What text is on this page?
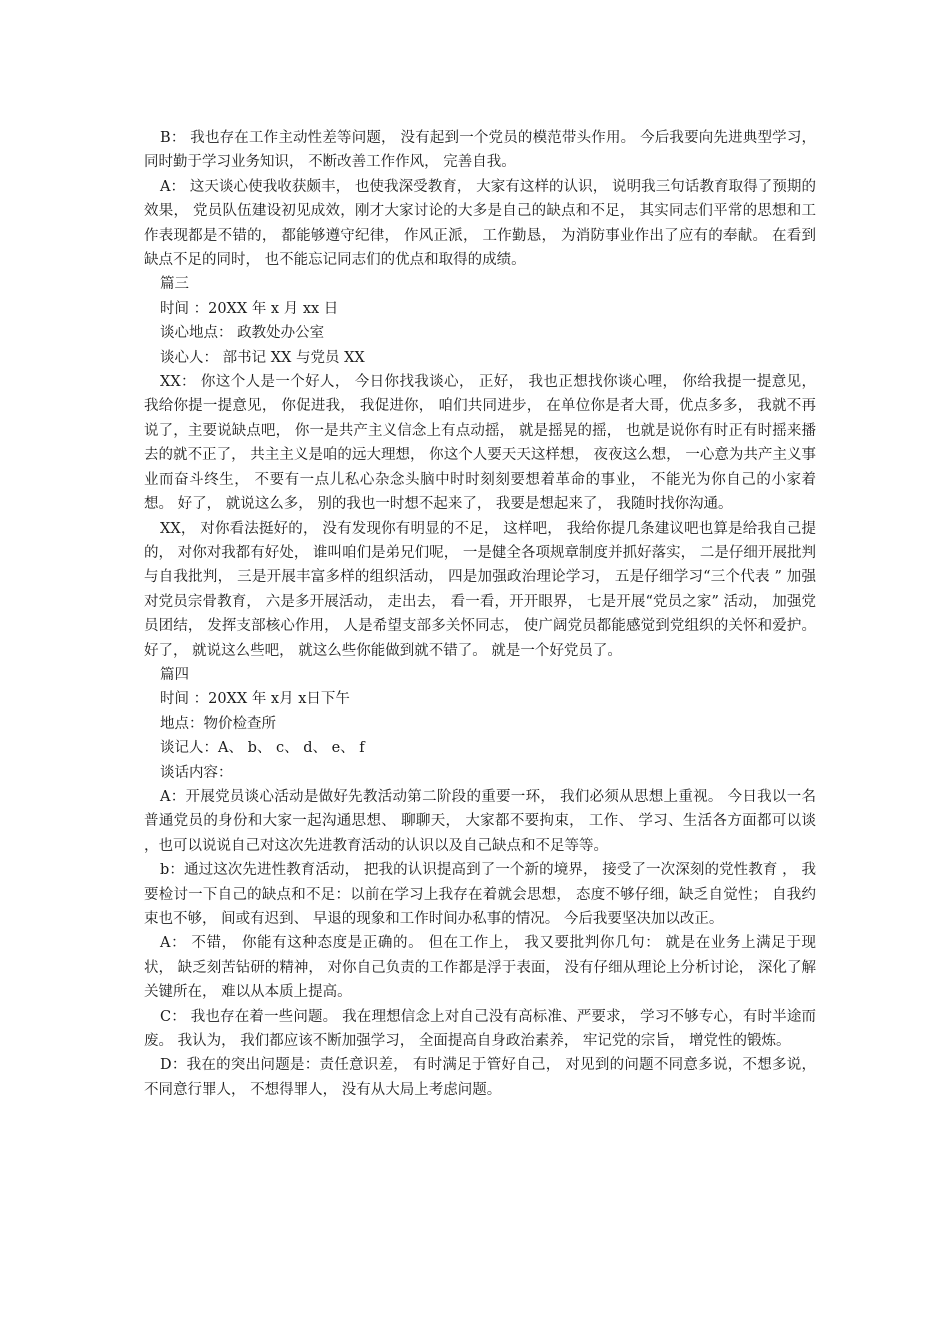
B： 我也存在工作主动性差等问题， 没有起到一个党员的模范带头作用。 今后我要向先进典型学习， 同时勤于学习业务知识， 不断改善工作作风， 完善自我。

A： 这天谈心使我收获颇丰， 也使我深受教育， 大家有这样的认识， 说明我三句话教育取得了预期的效果， 党员队伍建设初见成效，刚才大家讨论的大多是自己的缺点和不足， 其实同志们平常的思想和工作表现都是不错的， 都能够遵守纪律， 作风正派， 工作勤恳， 为消防事业作出了应有的奉献。 在看到缺点不足的同时， 也不能忘记同志们的优点和取得的成绩。

篇三

时间 ：20XX 年 x 月 xx 日

谈心地点： 政教处办公室

谈心人： 部书记 XX 与党员 XX

XX： 你这个人是一个好人， 今日你找我谈心， 正好， 我也正想找你谈心哩， 你给我提一提意见， 我给你提一提意见， 你促进我， 我促进你， 咱们共同进步， 在单位你是者大哥，优点多多， 我就不再说了，主要说缺点吧， 你一是共产主义信念上有点动摇， 就是摇晃的摇， 也就是说你有时正有时摇来播去的就不正了， 共主主义是咱的远大理想， 你这个人要天天这样想， 夜夜这么想， 一心意为共产主义事业而奋斗终生， 不要有一点儿私心杂念头脑中时时刻刻要想着革命的事业， 不能光为你自己的小家着想。 好了， 就说这么多， 别的我也一时想不起来了， 我要是想起来了， 我随时找你沟通。

XX， 对你看法挺好的， 没有发现你有明显的不足， 这样吧， 我给你提几条建议吧也算是给我自己提的， 对你对我都有好处， 谁叫咱们是弟兄们呢， 一是健全各项规章制度并抓好落实， 二是仔细开展批判与自我批判， 三是开展丰富多样的组织活动， 四是加强政治理论学习， 五是仔细学习“三个代表 ” 加强对党员宗骨教育， 六是多开展活动， 走出去， 看一看，开开眼界， 七是开展“党员之家” 活动， 加强党员团结， 发挥支部核心作用， 人是希望支部多关怀同志， 使广阔党员都能感觉到党组织的关怀和爱护。 好了， 就说这么些吧， 就这么些你能做到就不错了。 就是一个好党员了。

篇四

时间 ：20XX 年 x月 x日下午

地点：物价检查所

谈记人：A、 b、 c、 d、 e、 f

谈话内容：

A：开展党员谈心活动是做好先教活动第二阶段的重要一环， 我们必须从思想上重视。 今日我以一名普通党员的身份和大家一起沟通思想、 聊聊天， 大家都不要拘束， 工作、 学习、生活各方面都可以谈 ，也可以说说自己对这次先进教育活动的认识以及自己缺点和不足等等。

b：通过这次先进性教育活动， 把我的认识提高到了一个新的境界， 接受了一次深刻的党性教育 ， 我要检讨一下自己的缺点和不足：以前在学习上我存在着就会思想， 态度不够仔细，缺乏自觉性； 自我约束也不够， 间或有迟到、 早退的现象和工作时间办私事的情况。 今后我要坚决加以改正。

A： 不错， 你能有这种态度是正确的。 但在工作上， 我又要批判你几句： 就是在业务上满足于现状， 缺乏刻苦钻研的精神， 对你自己负责的工作都是浮于表面， 没有仔细从理论上分析讨论， 深化了解关键所在， 难以从本质上提高。

C： 我也存在着一些问题。 我在理想信念上对自己没有高标准、严要求， 学习不够专心，有时半途而废。 我认为， 我们都应该不断加强学习， 全面提高自身政治素养， 牢记党的宗旨， 增党性的锻炼。

D：我在的突出问题是：责任意识差， 有时满足于管好自己， 对见到的问题不同意多说，不想多说， 不同意行罪人， 不想得罪人， 没有从大局上考虑问题。
